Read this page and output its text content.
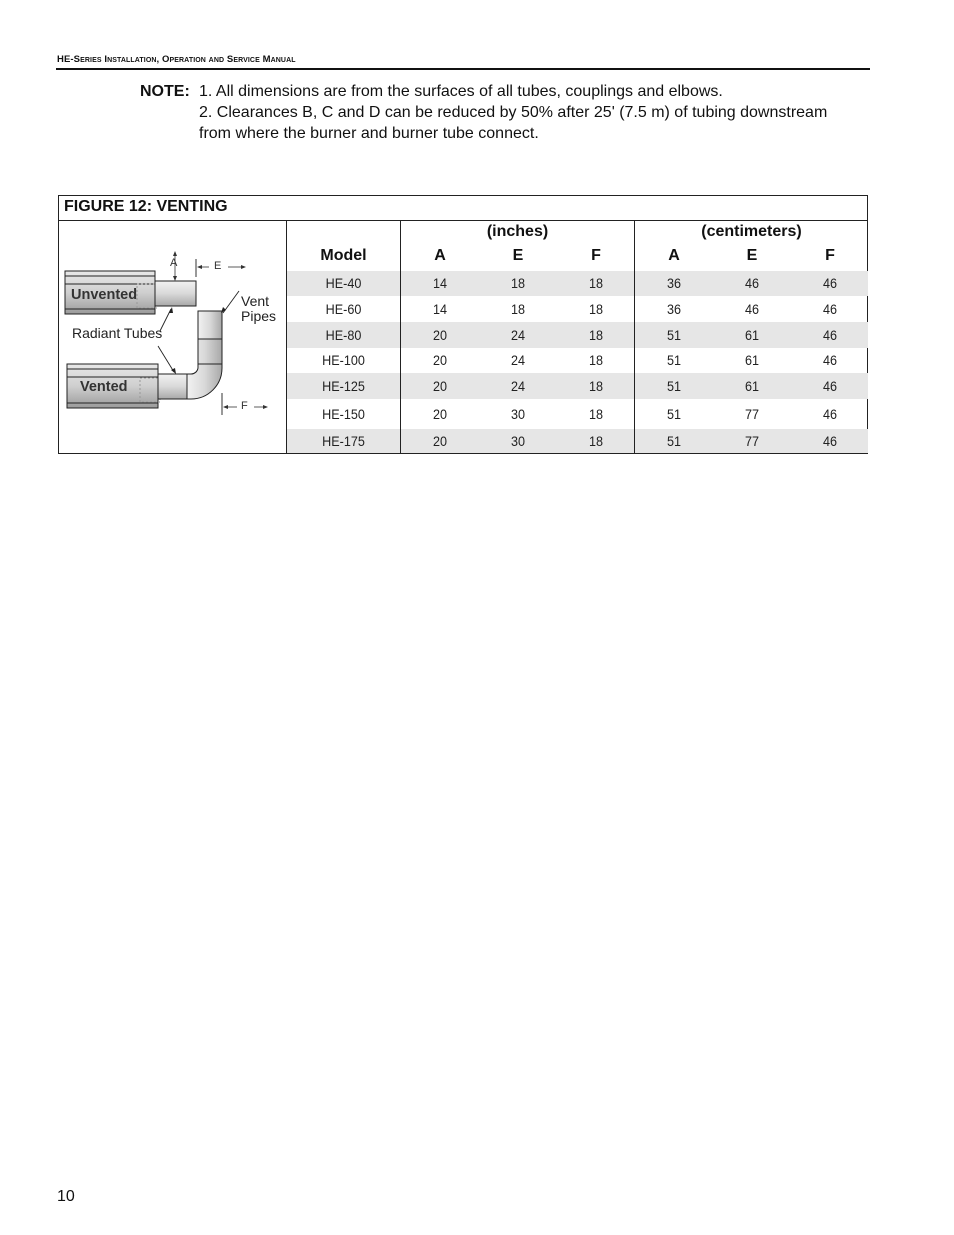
HE-Series Installation, Operation and Service Manual
NOTE: 1. All dimensions are from the surfaces of all tubes, couplings and elbows.
2. Clearances B, C and D can be reduced by 50% after 25' (7.5 m) of tubing downstream
from where the burner and burner tube connect.
FIGURE 12: VENTING
Unvented
Vented
Radiant Tubes
Vent
Pipes
A	E
F
(inches)	(centimeters)
Model	A	E	F	A	E	F
HE-40	14	18	18	36	46	46
HE-60	14	18	18	36	46	46
HE-80	20	24	18	51	61	46
HE-100	20	24	18	51	61	46
HE-125	20	24	18	51	61	46
HE-150	20	30	18	51	77	46
HE-175	20	30	18	51	77	46
10
